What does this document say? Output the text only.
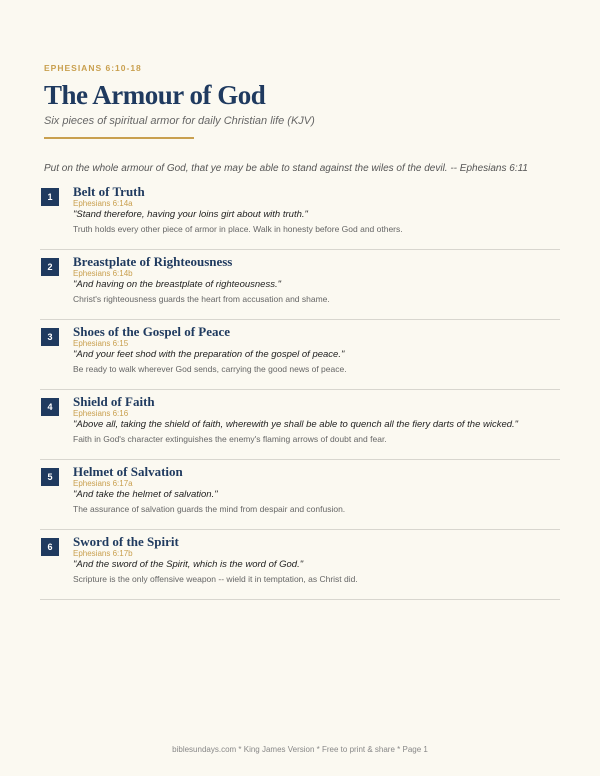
EPHESIANS 6:10-18
The Armour of God
Six pieces of spiritual armor for daily Christian life (KJV)
Put on the whole armour of God, that ye may be able to stand against the wiles of the devil. -- Ephesians 6:11
1	Belt of Truth
Ephesians 6:14a
"Stand therefore, having your loins girt about with truth."
Truth holds every other piece of armor in place. Walk in honesty before God and others.
2	Breastplate of Righteousness
Ephesians 6:14b
"And having on the breastplate of righteousness."
Christ's righteousness guards the heart from accusation and shame.
3	Shoes of the Gospel of Peace
Ephesians 6:15
"And your feet shod with the preparation of the gospel of peace."
Be ready to walk wherever God sends, carrying the good news of peace.
4	Shield of Faith
Ephesians 6:16
"Above all, taking the shield of faith, wherewith ye shall be able to quench all the fiery darts of the wicked."
Faith in God's character extinguishes the enemy's flaming arrows of doubt and fear.
5	Helmet of Salvation
Ephesians 6:17a
"And take the helmet of salvation."
The assurance of salvation guards the mind from despair and confusion.
6	Sword of the Spirit
Ephesians 6:17b
"And the sword of the Spirit, which is the word of God."
Scripture is the only offensive weapon -- wield it in temptation, as Christ did.
biblesundays.com * King James Version * Free to print & share * Page 1
